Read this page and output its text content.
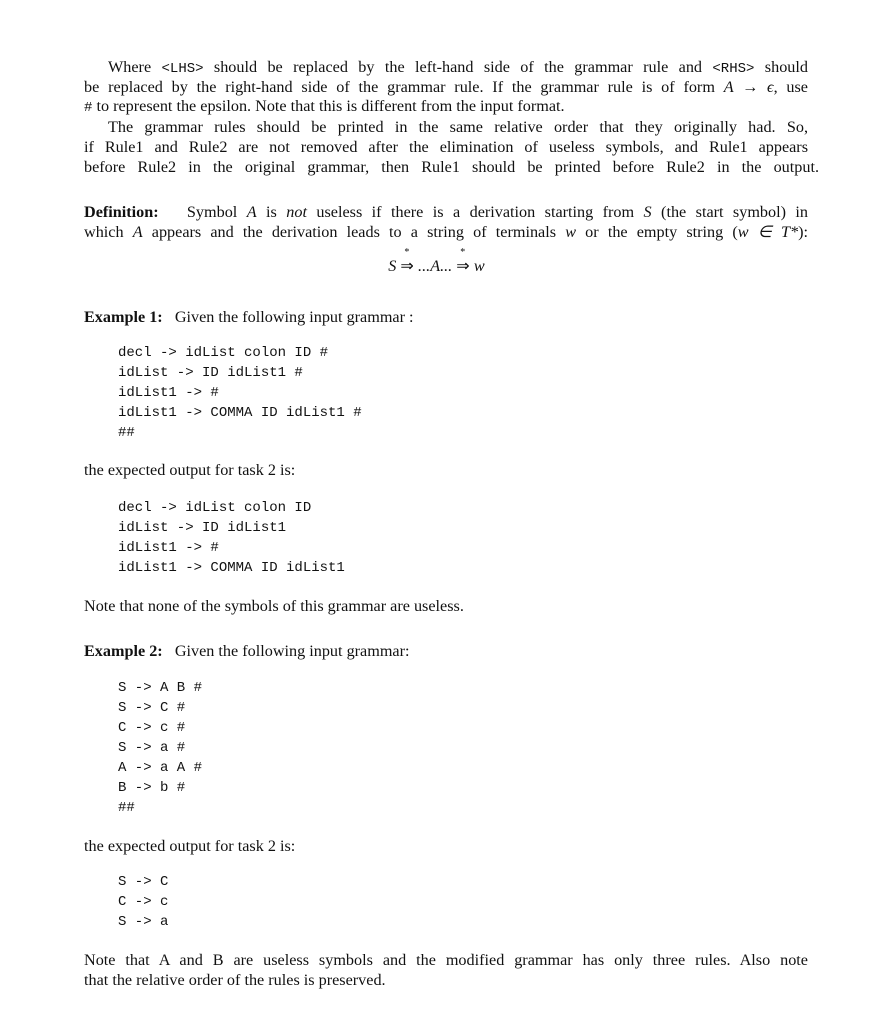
Where <LHS> should be replaced by the left-hand side of the grammar rule and <RHS> should
be replaced by the right-hand side of the grammar rule. If the grammar rule is of form A → ϵ, use
# to represent the epsilon. Note that this is different from the input format.
The grammar rules should be printed in the same relative order that they originally had. So,
if Rule1 and Rule2 are not removed after the elimination of useless symbols, and Rule1 appears
before Rule2 in the original grammar, then Rule1 should be printed before Rule2 in the output.
Definition: Symbol A is not useless if there is a derivation starting from S (the start symbol) in
which A appears and the derivation leads to a string of terminals w or the empty string (w ∈ T*):
S
*
⇒ ...A...
*
⇒ w
Example 1: Given the following input grammar :
decl -> idList colon ID #
idList -> ID idList1 #
idList1 -> #
idList1 -> COMMA ID idList1 #
##
the expected output for task 2 is:
decl -> idList colon ID
idList -> ID idList1
idList1 -> #
idList1 -> COMMA ID idList1
Note that none of the symbols of this grammar are useless.
Example 2: Given the following input grammar:
S -> A B #
S -> C #
C -> c #
S -> a #
A -> a A #
B -> b #
##
the expected output for task 2 is:
S -> C
C -> c
S -> a
Note that A and B are useless symbols and the modified grammar has only three rules. Also note
that the relative order of the rules is preserved.
